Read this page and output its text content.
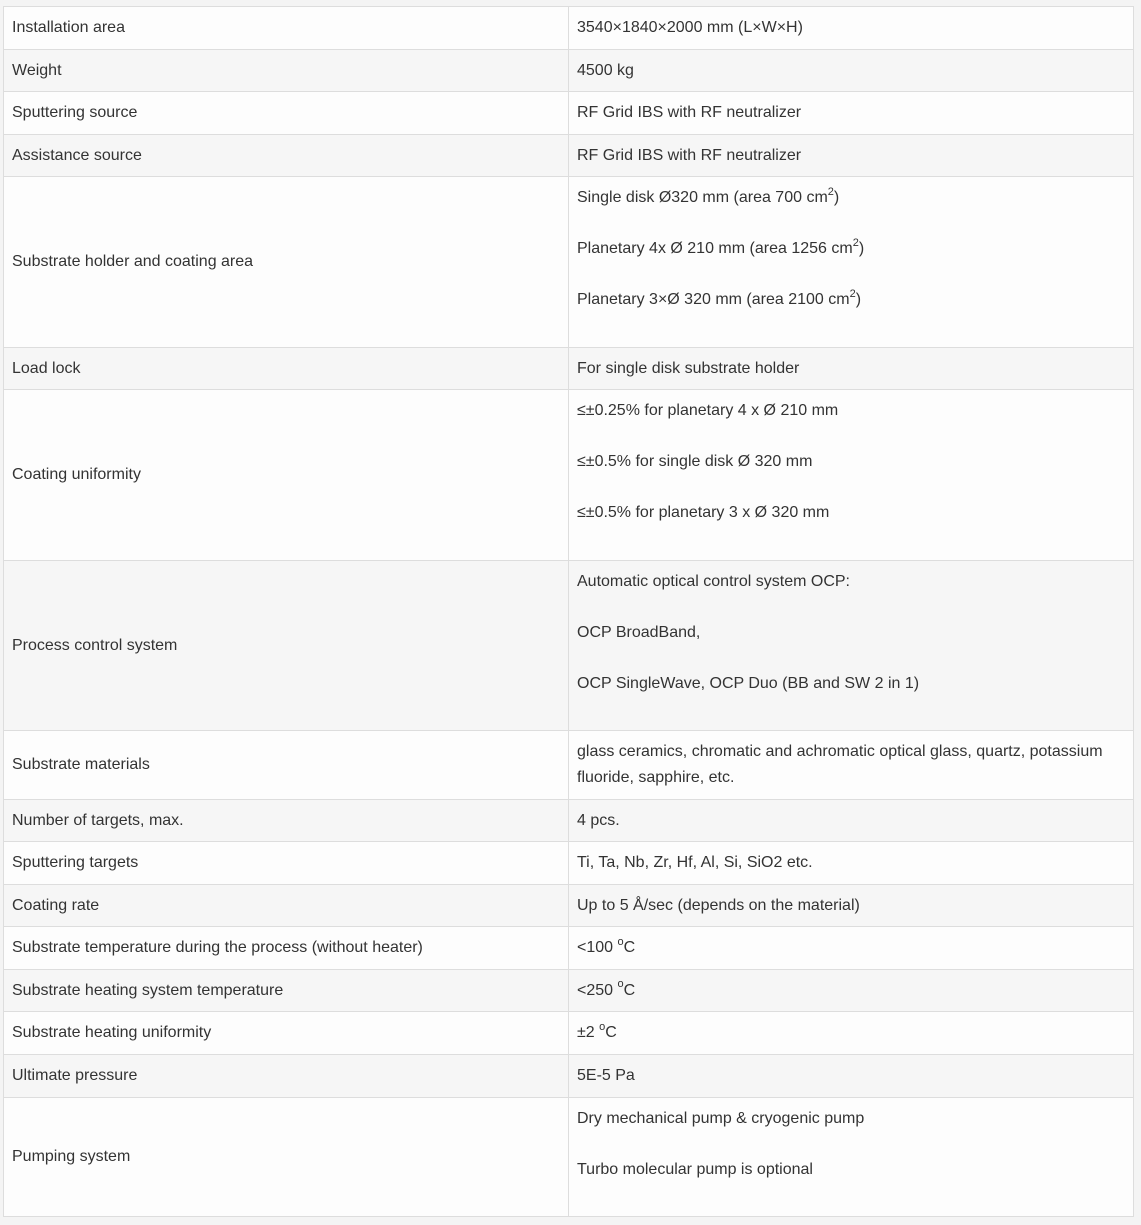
Installation area	3540×1840×2000 mm (L×W×H)
Weight	4500 kg
Sputtering source	RF Grid IBS with RF neutralizer
Assistance source	RF Grid IBS with RF neutralizer
Substrate holder and coating area	Single disk Ø320 mm (area 700 $cm^2$)
Planetary 4x Ø 210 mm (area 1256 $cm^2$)
Planetary 3×Ø 320 mm (area 2100 $cm^2$)

Load lock	For single disk substrate holder
Coating uniformity	≤±0.25% for planetary 4 x Ø 210 mm
≤±0.5% for single disk Ø 320 mm
≤±0.5% for planetary 3 x Ø 320 mm

Process control system	Automatic optical control system OCP:
OCP BroadBand,
OCP SingleWave, OCP Duo (BB and SW 2 in 1)

Substrate materials	glass ceramics, chromatic and achromatic optical glass, quartz, potassium fluoride, sapphire, etc.
Number of targets, max.	4 pcs.
Sputtering targets	Ti, Ta, Nb, Zr, Hf, Al, Si, SiO2 etc.
Coating rate	Up to 5 Å/sec (depends on the material)
Substrate temperature during the process (without heater)	<100 $^o$C
Substrate heating system temperature	<250 $^o$C
Substrate heating uniformity	±2 $^o$C
Ultimate pressure	5E-5 Pa
Pumping system	Dry mechanical pump & cryogenic pump
Turbo molecular pump is optional
